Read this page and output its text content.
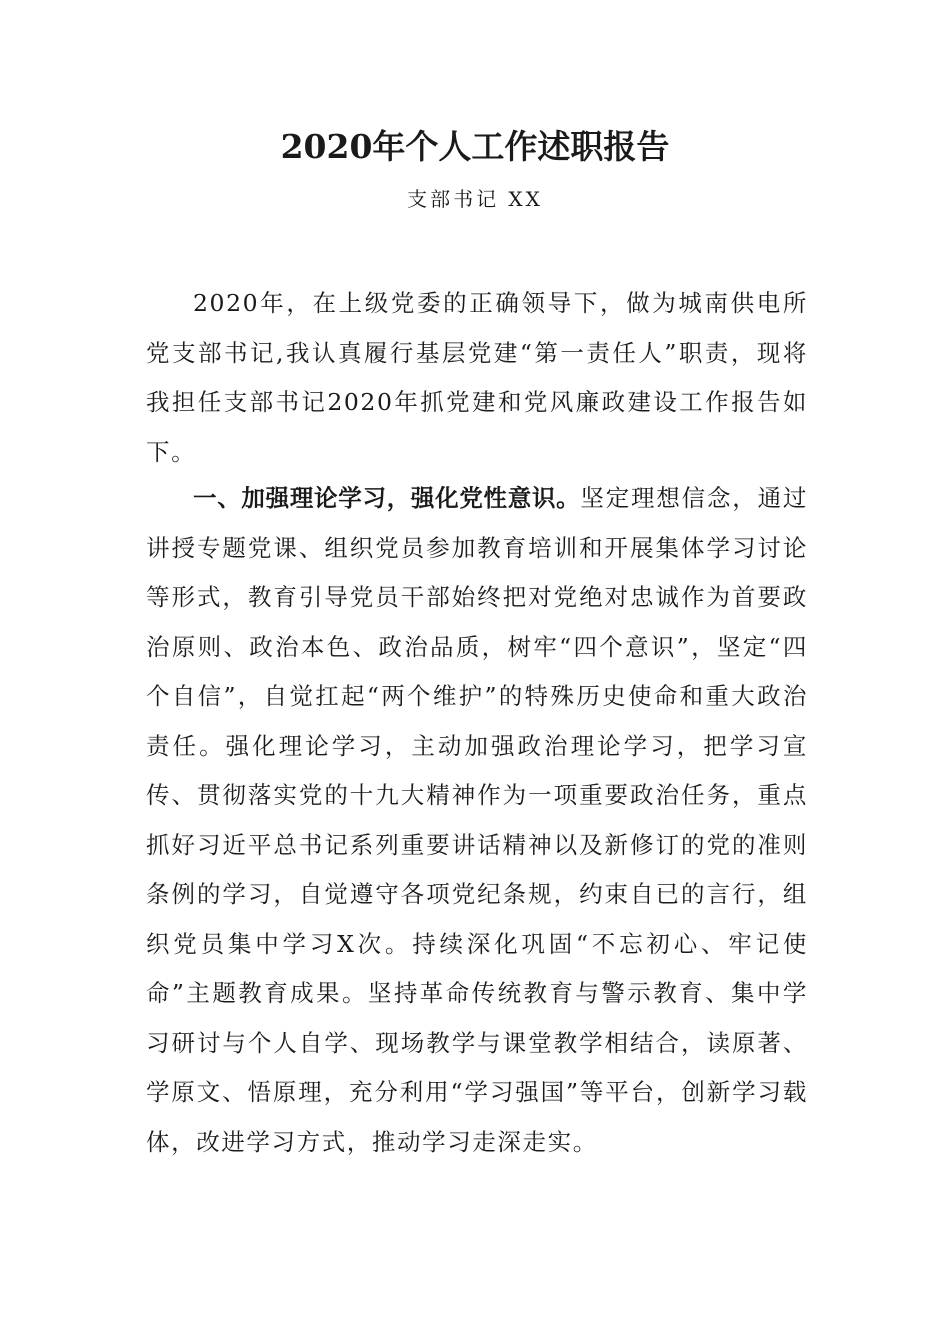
2020年个人工作述职报告
支部书记 XX

2020年，在上级党委的正确领导下，做为城南供电所党支部书记,我认真履行基层党建“第一责任人”职责，现将我担任支部书记2020年抓党建和党风廉政建设工作报告如下。

一、加强理论学习，强化党性意识。坚定理想信念，通过讲授专题党课、组织党员参加教育培训和开展集体学习讨论等形式，教育引导党员干部始终把对党绝对忠诚作为首要政治原则、政治本色、政治品质，树牢“四个意识”，坚定“四个自信”，自觉扛起“两个维护”的特殊历史使命和重大政治责任。强化理论学习，主动加强政治理论学习，把学习宣传、贯彻落实党的十九大精神作为一项重要政治任务，重点抓好习近平总书记系列重要讲话精神以及新修订的党的准则条例的学习，自觉遵守各项党纪条规，约束自已的言行，组织党员集中学习X次。持续深化巩固“不忘初心、牢记使命”主题教育成果。坚持革命传统教育与警示教育、集中学习研讨与个人自学、现场教学与课堂教学相结合，读原著、学原文、悟原理，充分利用“学习强国”等平台，创新学习载体，改进学习方式，推动学习走深走实。
